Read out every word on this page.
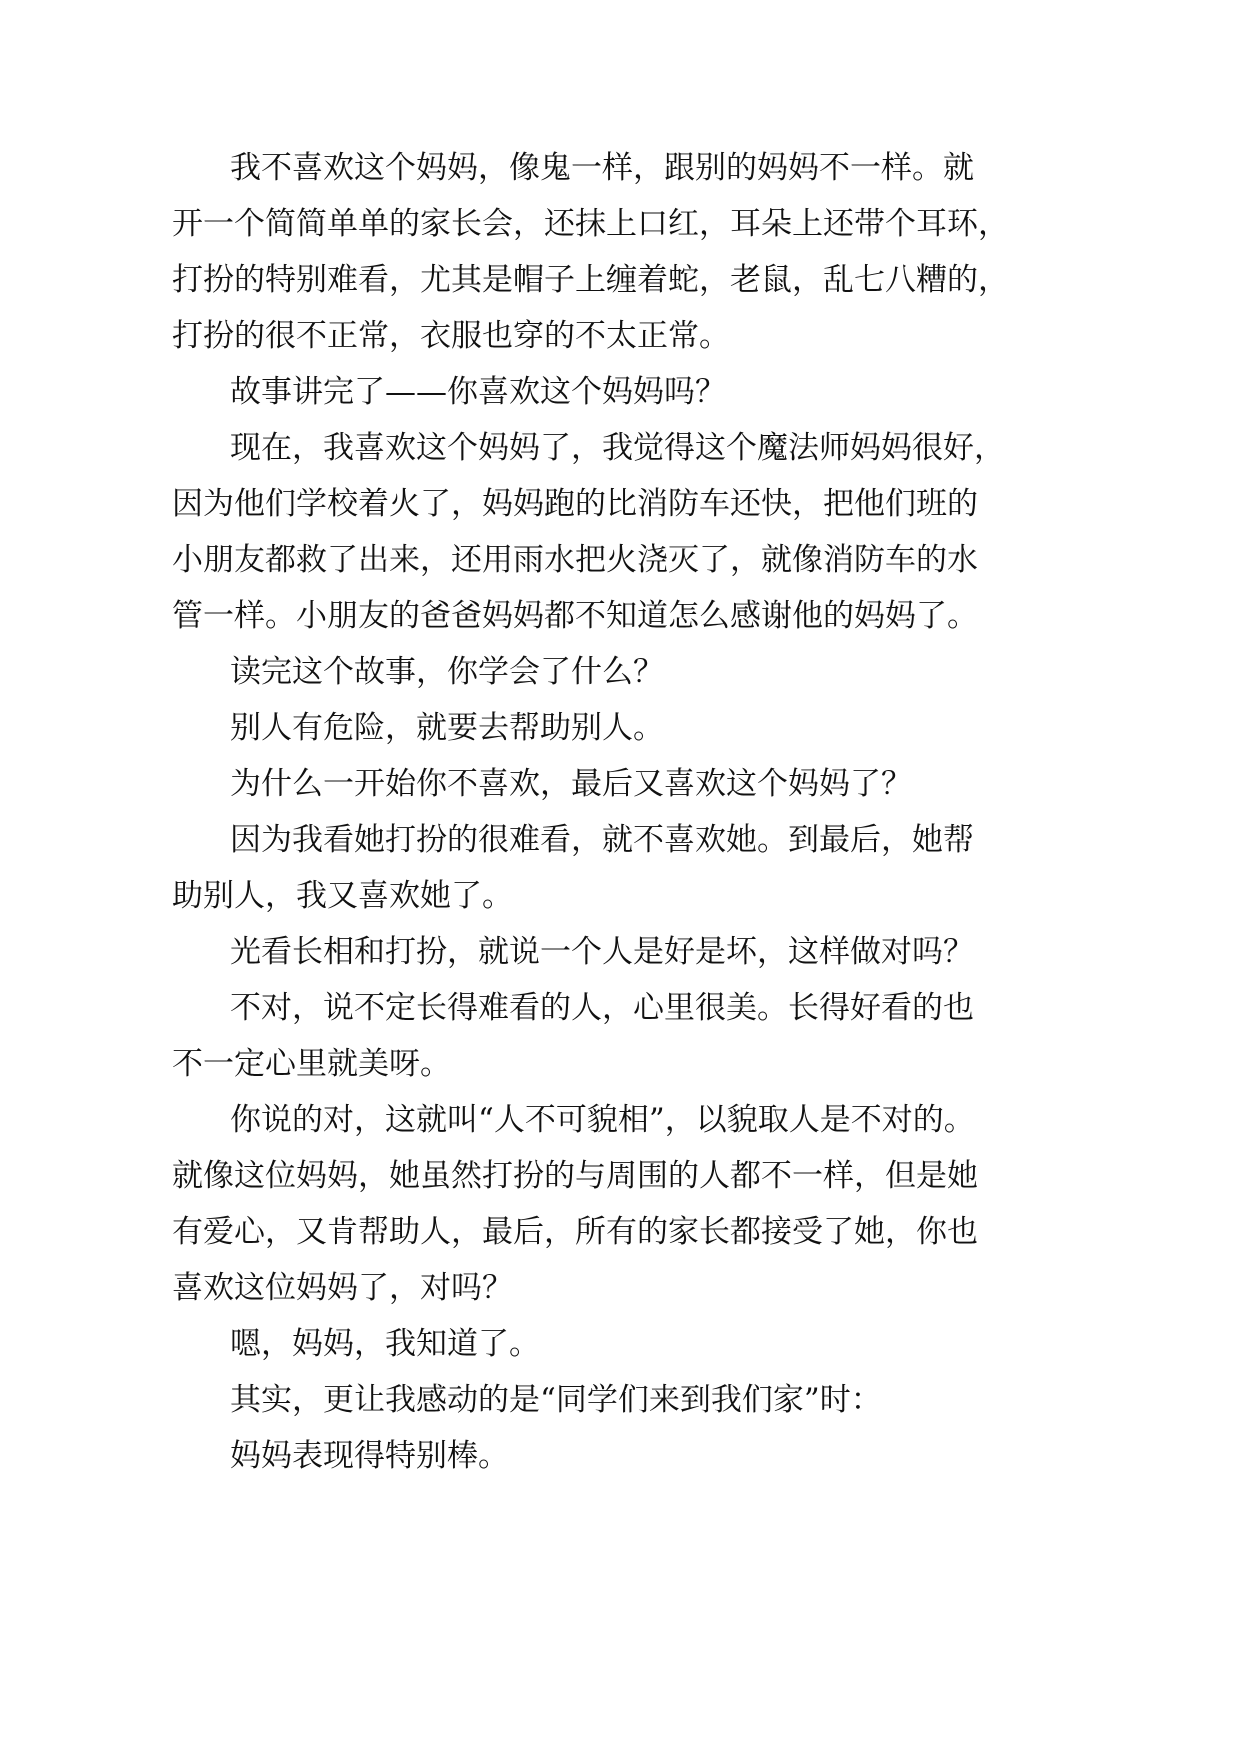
我不喜欢这个妈妈，像鬼一样，跟别的妈妈不一样。就
开一个简简单单的家长会，还抹上口红，耳朵上还带个耳环，
打扮的特别难看，尤其是帽子上缠着蛇，老鼠，乱七八糟的，
打扮的很不正常，衣服也穿的不太正常。
故事讲完了——你喜欢这个妈妈吗？
现在，我喜欢这个妈妈了，我觉得这个魔法师妈妈很好，
因为他们学校着火了，妈妈跑的比消防车还快，把他们班的
小朋友都救了出来，还用雨水把火浇灭了，就像消防车的水
管一样。小朋友的爸爸妈妈都不知道怎么感谢他的妈妈了。
读完这个故事，你学会了什么？
别人有危险，就要去帮助别人。
为什么一开始你不喜欢，最后又喜欢这个妈妈了？
因为我看她打扮的很难看，就不喜欢她。到最后，她帮
助别人，我又喜欢她了。
光看长相和打扮，就说一个人是好是坏，这样做对吗？
不对，说不定长得难看的人，心里很美。长得好看的也
不一定心里就美呀。
你说的对，这就叫“人不可貌相”，以貌取人是不对的。
就像这位妈妈，她虽然打扮的与周围的人都不一样，但是她
有爱心，又肯帮助人，最后，所有的家长都接受了她，你也
喜欢这位妈妈了，对吗？
嗯，妈妈，我知道了。
其实，更让我感动的是“同学们来到我们家”时：
妈妈表现得特别棒。
